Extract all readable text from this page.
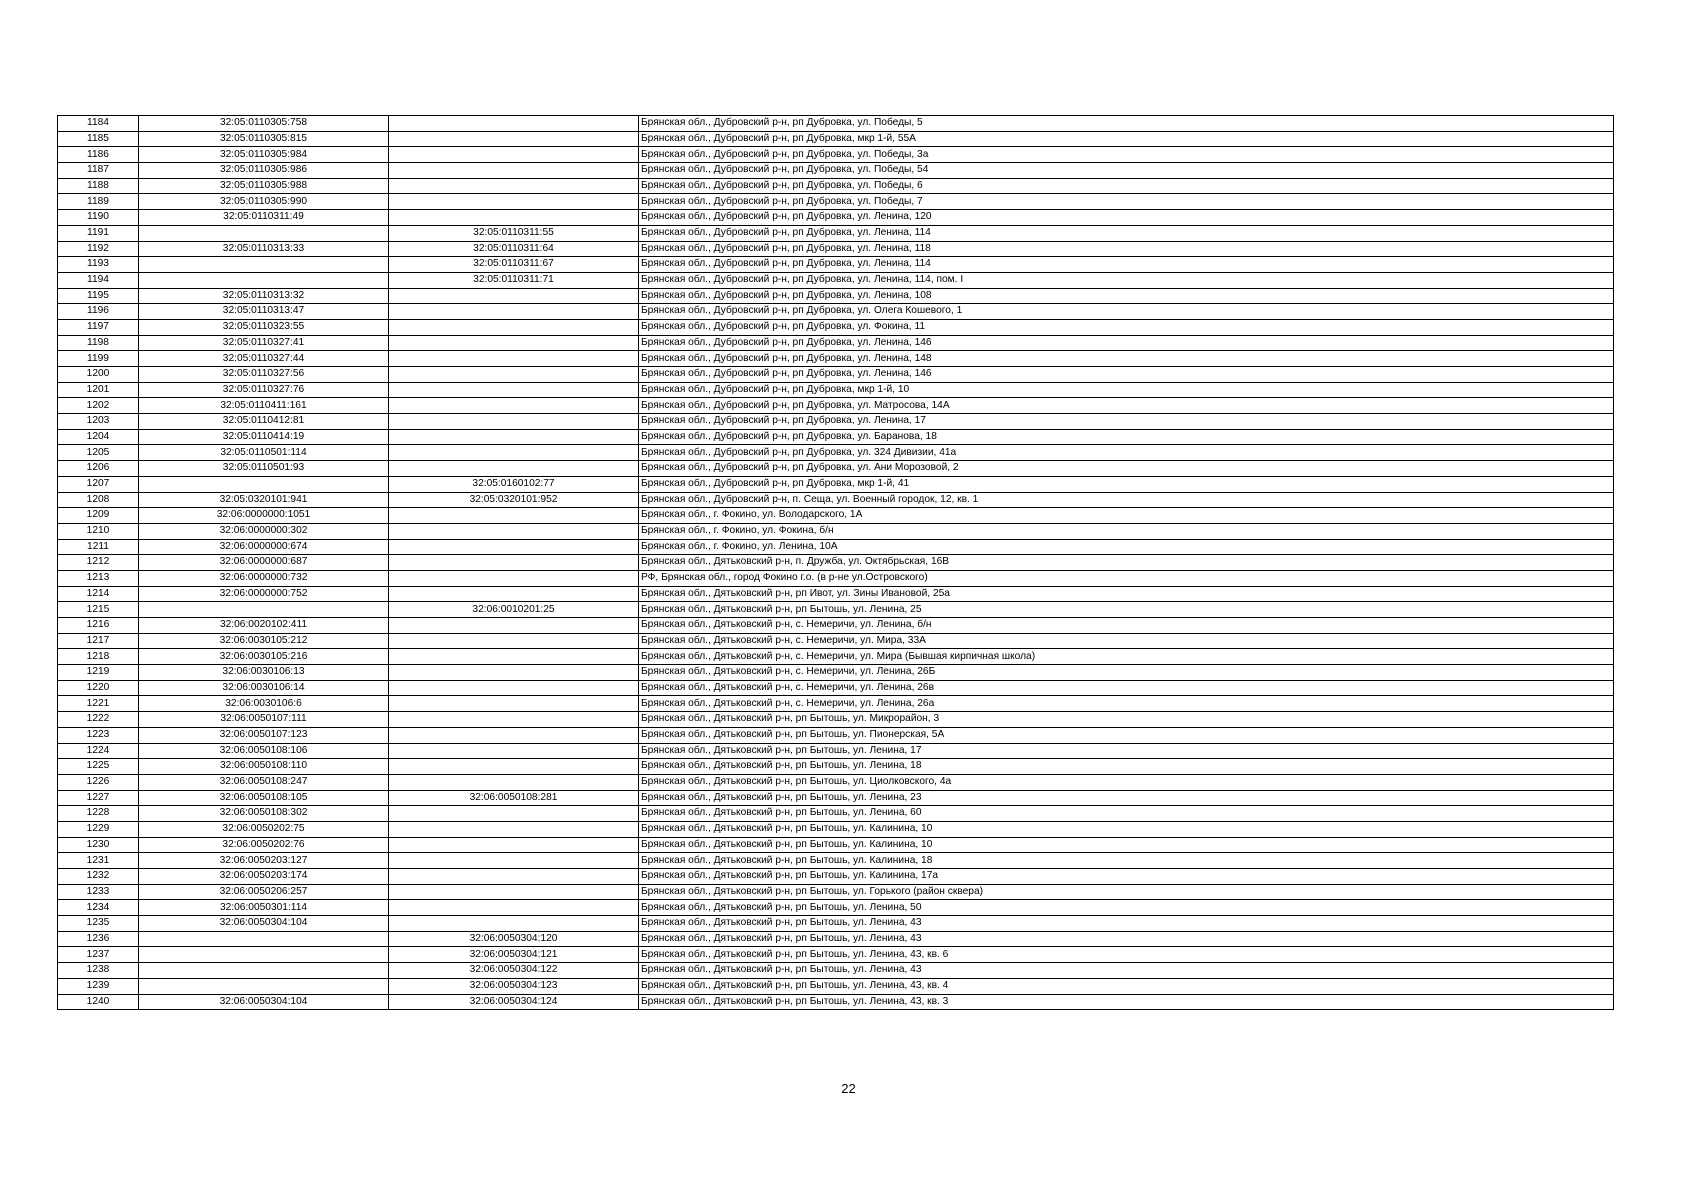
1184	32:05:0110305:758		Брянская обл., Дубровский р-н, рп Дубровка, ул. Победы, 5
1185	32:05:0110305:815		Брянская обл., Дубровский р-н, рп Дубровка, мкр 1-й, 55А
1186	32:05:0110305:984		Брянская обл., Дубровский р-н, рп Дубровка, ул. Победы, 3а
1187	32:05:0110305:986		Брянская обл., Дубровский р-н, рп Дубровка, ул. Победы, 54
1188	32:05:0110305:988		Брянская обл., Дубровский р-н, рп Дубровка, ул. Победы, 6
1189	32:05:0110305:990		Брянская обл., Дубровский р-н, рп Дубровка, ул. Победы, 7
1190	32:05:0110311:49		Брянская обл., Дубровский р-н, рп Дубровка, ул. Ленина, 120
1191		32:05:0110311:55	Брянская обл., Дубровский р-н, рп Дубровка, ул. Ленина, 114
1192	32:05:0110313:33	32:05:0110311:64	Брянская обл., Дубровский р-н, рп Дубровка, ул. Ленина, 118
1193		32:05:0110311:67	Брянская обл., Дубровский р-н, рп Дубровка, ул. Ленина, 114
1194		32:05:0110311:71	Брянская обл., Дубровский р-н, рп Дубровка, ул. Ленина, 114, пом. I
1195	32:05:0110313:32		Брянская обл., Дубровский р-н, рп Дубровка, ул. Ленина, 108
1196	32:05:0110313:47		Брянская обл., Дубровский р-н, рп Дубровка, ул. Олега Кошевого, 1
1197	32:05:0110323:55		Брянская обл., Дубровский р-н, рп Дубровка, ул. Фокина, 11
1198	32:05:0110327:41		Брянская обл., Дубровский р-н, рп Дубровка, ул. Ленина, 146
1199	32:05:0110327:44		Брянская обл., Дубровский р-н, рп Дубровка, ул. Ленина, 148
1200	32:05:0110327:56		Брянская обл., Дубровский р-н, рп Дубровка, ул. Ленина, 146
1201	32:05:0110327:76		Брянская обл., Дубровский р-н, рп Дубровка, мкр 1-й, 10
1202	32:05:0110411:161		Брянская обл., Дубровский р-н, рп Дубровка, ул. Матросова, 14А
1203	32:05:0110412:81		Брянская обл., Дубровский р-н, рп Дубровка, ул. Ленина, 17
1204	32:05:0110414:19		Брянская обл., Дубровский р-н, рп Дубровка, ул. Баранова, 18
1205	32:05:0110501:114		Брянская обл., Дубровский р-н, рп Дубровка, ул. 324 Дивизии, 41а
1206	32:05:0110501:93		Брянская обл., Дубровский р-н, рп Дубровка, ул. Ани Морозовой, 2
1207		32:05:0160102:77	Брянская обл., Дубровский р-н, рп Дубровка, мкр 1-й, 41
1208	32:05:0320101:941	32:05:0320101:952	Брянская обл., Дубровский р-н, п. Сеща, ул. Военный городок, 12, кв. 1
1209	32:06:0000000:1051		Брянская обл., г. Фокино, ул. Володарского, 1А
1210	32:06:0000000:302		Брянская обл., г. Фокино, ул. Фокина, б/н
1211	32:06:0000000:674		Брянская обл., г. Фокино, ул. Ленина, 10А
1212	32:06:0000000:687		Брянская обл., Дятьковский р-н, п. Дружба, ул. Октябрьская, 16В
1213	32:06:0000000:732		РФ, Брянская обл., город Фокино г.о. (в р-не ул.Островского)
1214	32:06:0000000:752		Брянская обл., Дятьковский р-н, рп Ивот, ул. Зины Ивановой, 25а
1215		32:06:0010201:25	Брянская обл., Дятьковский р-н, рп Бытошь, ул. Ленина, 25
1216	32:06:0020102:411		Брянская обл., Дятьковский р-н, с. Немеричи, ул. Ленина, б/н
1217	32:06:0030105:212		Брянская обл., Дятьковский р-н, с. Немеричи, ул. Мира, 33А
1218	32:06:0030105:216		Брянская обл., Дятьковский р-н, с. Немеричи, ул. Мира (Бывшая кирпичная школа)
1219	32:06:0030106:13		Брянская обл., Дятьковский р-н, с. Немеричи, ул. Ленина, 26Б
1220	32:06:0030106:14		Брянская обл., Дятьковский р-н, с. Немеричи, ул. Ленина, 26в
1221	32:06:0030106:6		Брянская обл., Дятьковский р-н, с. Немеричи, ул. Ленина, 26а
1222	32:06:0050107:111		Брянская обл., Дятьковский р-н, рп Бытошь, ул. Микрорайон, 3
1223	32:06:0050107:123		Брянская обл., Дятьковский р-н, рп Бытошь, ул. Пионерская, 5А
1224	32:06:0050108:106		Брянская обл., Дятьковский р-н, рп Бытошь, ул. Ленина, 17
1225	32:06:0050108:110		Брянская обл., Дятьковский р-н, рп Бытошь, ул. Ленина, 18
1226	32:06:0050108:247		Брянская обл., Дятьковский р-н, рп Бытошь, ул. Циолковского, 4а
1227	32:06:0050108:105	32:06:0050108:281	Брянская обл., Дятьковский р-н, рп Бытошь, ул. Ленина, 23
1228	32:06:0050108:302		Брянская обл., Дятьковский р-н, рп Бытошь, ул. Ленина, 60
1229	32:06:0050202:75		Брянская обл., Дятьковский р-н, рп Бытошь, ул. Калинина, 10
1230	32:06:0050202:76		Брянская обл., Дятьковский р-н, рп Бытошь, ул. Калинина, 10
1231	32:06:0050203:127		Брянская обл., Дятьковский р-н, рп Бытошь, ул. Калинина, 18
1232	32:06:0050203:174		Брянская обл., Дятьковский р-н, рп Бытошь, ул. Калинина, 17а
1233	32:06:0050206:257		Брянская обл., Дятьковский р-н, рп Бытошь, ул. Горького (район сквера)
1234	32:06:0050301:114		Брянская обл., Дятьковский р-н, рп Бытошь, ул. Ленина, 50
1235	32:06:0050304:104		Брянская обл., Дятьковский р-н, рп Бытошь, ул. Ленина, 43
1236		32:06:0050304:120	Брянская обл., Дятьковский р-н, рп Бытошь, ул. Ленина, 43
1237		32:06:0050304:121	Брянская обл., Дятьковский р-н, рп Бытошь, ул. Ленина, 43, кв. 6
1238		32:06:0050304:122	Брянская обл., Дятьковский р-н, рп Бытошь, ул. Ленина, 43
1239		32:06:0050304:123	Брянская обл., Дятьковский р-н, рп Бытошь, ул. Ленина, 43, кв. 4
1240	32:06:0050304:104	32:06:0050304:124	Брянская обл., Дятьковский р-н, рп Бытошь, ул. Ленина, 43, кв. 3
22
